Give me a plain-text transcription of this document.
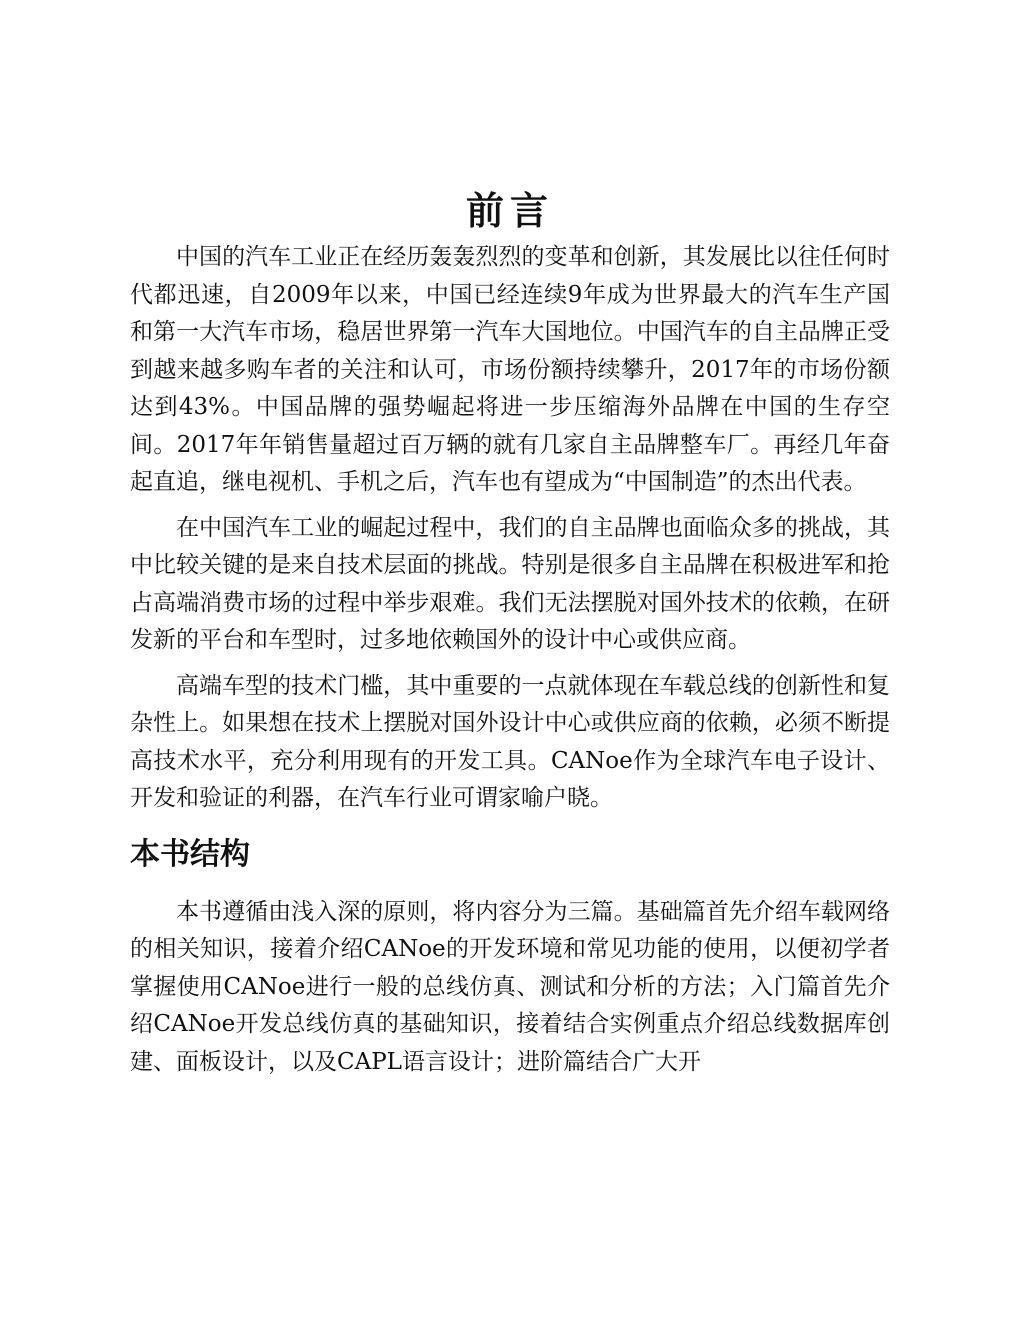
前言

中国的汽车工业正在经历轰轰烈烈的变革和创新，其发展比以往任何时代都迅速，自2009年以来，中国已经连续9年成为世界最大的汽车生产国和第一大汽车市场，稳居世界第一汽车大国地位。中国汽车的自主品牌正受到越来越多购车者的关注和认可，市场份额持续攀升，2017年的市场份额达到43%。中国品牌的强势崛起将进一步压缩海外品牌在中国的生存空间。2017年年销售量超过百万辆的就有几家自主品牌整车厂。再经几年奋起直追，继电视机、手机之后，汽车也有望成为“中国制造”的杰出代表。

在中国汽车工业的崛起过程中，我们的自主品牌也面临众多的挑战，其中比较关键的是来自技术层面的挑战。特别是很多自主品牌在积极进军和抢占高端消费市场的过程中举步艰难。我们无法摆脱对国外技术的依赖，在研发新的平台和车型时，过多地依赖国外的设计中心或供应商。

高端车型的技术门槛，其中重要的一点就体现在车载总线的创新性和复杂性上。如果想在技术上摆脱对国外设计中心或供应商的依赖，必须不断提高技术水平，充分利用现有的开发工具。CANoe作为全球汽车电子设计、开发和验证的利器，在汽车行业可谓家喻户晓。

本书结构

本书遵循由浅入深的原则，将内容分为三篇。基础篇首先介绍车载网络的相关知识，接着介绍CANoe的开发环境和常见功能的使用，以便初学者掌握使用CANoe进行一般的总线仿真、测试和分析的方法；入门篇首先介绍CANoe开发总线仿真的基础知识，接着结合实例重点介绍总线数据库创建、面板设计，以及CAPL语言设计；进阶篇结合广大开
